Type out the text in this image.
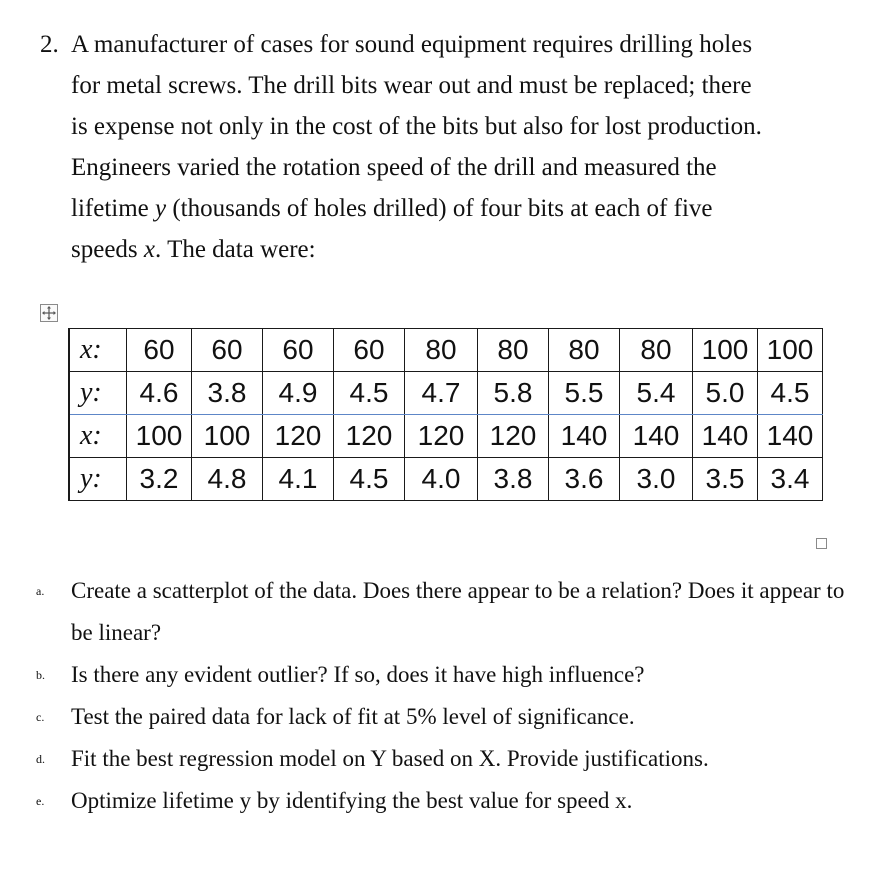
2. A manufacturer of cases for sound equipment requires drilling holes
for metal screws. The drill bits wear out and must be replaced; there
is expense not only in the cost of the bits but also for lost production.
Engineers varied the rotation speed of the drill and measured the
lifetime y (thousands of holes drilled) of four bits at each of five
speeds x. The data were:
x:	60	60	60	60	80	80	80	80	100	100
y:	4.6	3.8	4.9	4.5	4.7	5.8	5.5	5.4	5.0	4.5
x:	100	100	120	120	120	120	140	140	140	140
y:	3.2	4.8	4.1	4.5	4.0	3.8	3.6	3.0	3.5	3.4
a.	Create a scatterplot of the data. Does there appear to be a relation? Does it appear to be linear?
b.	Is there any evident outlier? If so, does it have high influence?
c.	Test the paired data for lack of fit at 5% level of significance.
d.	Fit the best regression model on Y based on X. Provide justifications.
e.	Optimize lifetime y by identifying the best value for speed x.
